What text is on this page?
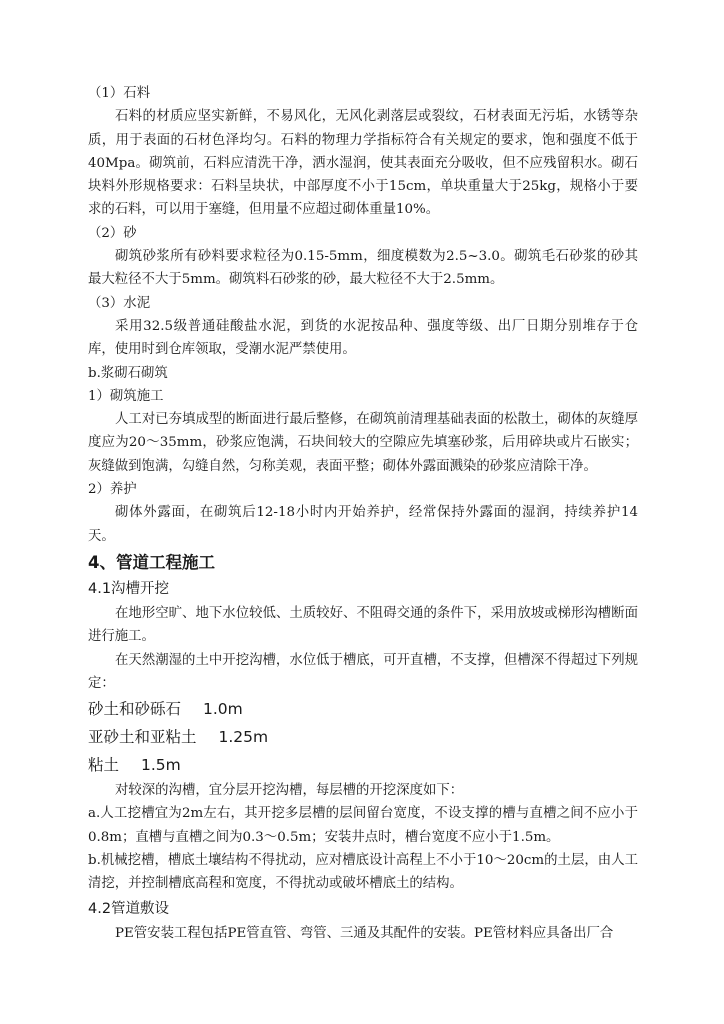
（1）石料

石料的材质应坚实新鲜，不易风化，无风化剥落层或裂纹，石材表面无污垢，水锈等杂质，用于表面的石材色泽均匀。石料的物理力学指标符合有关规定的要求，饱和强度不低于40Mpa。砌筑前，石料应清洗干净，洒水湿润，使其表面充分吸收，但不应残留积水。砌石块料外形规格要求：石料呈块状，中部厚度不小于15cm，单块重量大于25kg，规格小于要求的石料，可以用于塞缝，但用量不应超过砌体重量10%。

（2）砂

砌筑砂浆所有砂料要求粒径为0.15-5mm，细度模数为2.5~3.0。砌筑毛石砂浆的砂其最大粒径不大于5mm。砌筑料石砂浆的砂，最大粒径不大于2.5mm。

（3）水泥

采用32.5级普通硅酸盐水泥，到货的水泥按品种、强度等级、出厂日期分别堆存于仓库，使用时到仓库领取，受潮水泥严禁使用。

b.浆砌石砌筑

1）砌筑施工

人工对已夯填成型的断面进行最后整修，在砌筑前清理基础表面的松散土，砌体的灰缝厚度应为20～35mm，砂浆应饱满，石块间较大的空隙应先填塞砂浆，后用碎块或片石嵌实；灰缝做到饱满，勾缝自然，匀称美观，表面平整；砌体外露面溅染的砂浆应清除干净。

2）养护

砌体外露面，在砌筑后12-18小时内开始养护，经常保持外露面的湿润，持续养护14天。

4、管道工程施工

4.1沟槽开挖

在地形空旷、地下水位较低、土质较好、不阻碍交通的条件下，采用放坡或梯形沟槽断面进行施工。

在天然潮湿的土中开挖沟槽，水位低于槽底，可开直槽，不支撑，但槽深不得超过下列规定：

砂土和砂砾石 1.0m

亚砂土和亚粘土 1.25m

粘土 1.5m

对较深的沟槽，宜分层开挖沟槽，每层槽的开挖深度如下：

a.人工挖槽宜为2m左右，其开挖多层槽的层间留台宽度，不设支撑的槽与直槽之间不应小于0.8m；直槽与直槽之间为0.3～0.5m；安装井点时，槽台宽度不应小于1.5m。

b.机械挖槽，槽底土壤结构不得扰动，应对槽底设计高程上不小于10～20cm的土层，由人工清挖，并控制槽底高程和宽度，不得扰动或破坏槽底土的结构。

4.2管道敷设

PE管安装工程包括PE管直管、弯管、三通及其配件的安装。PE管材料应具备出厂合
